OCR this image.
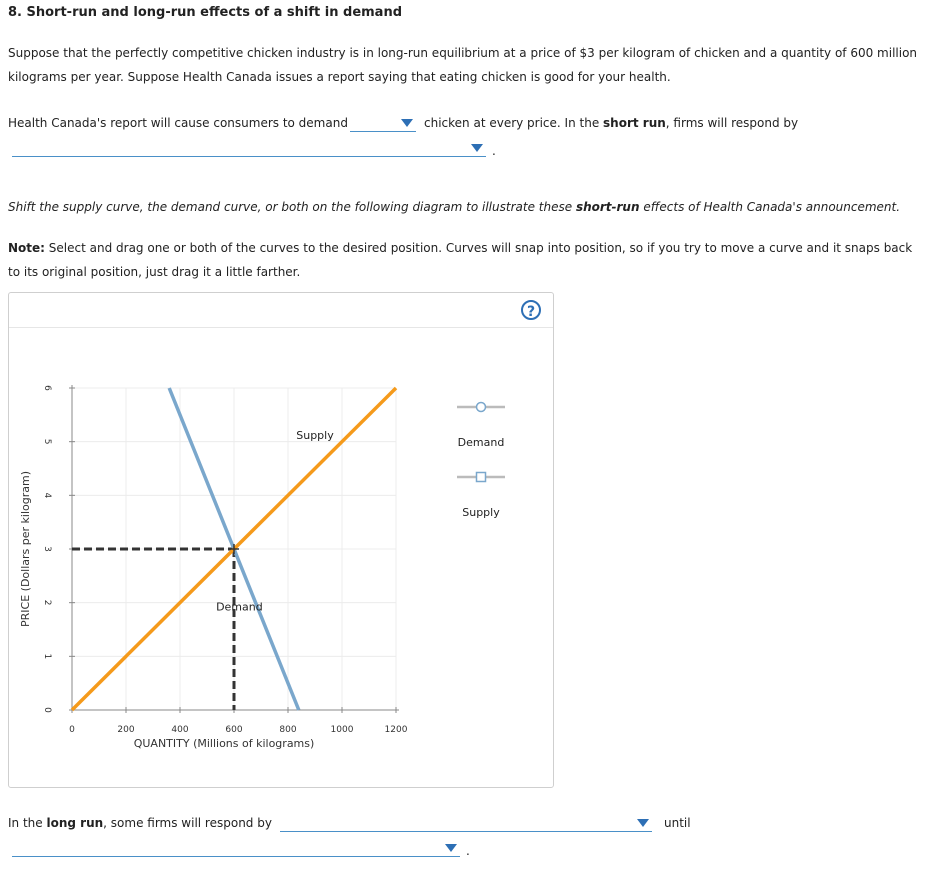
8. Short-run and long-run effects of a shift in demand
Suppose that the perfectly competitive chicken industry is in long-run equilibrium at a price of $3 per kilogram of chicken and a quantity of 600 million
kilograms per year. Suppose Health Canada issues a report saying that eating chicken is good for your health.
Health Canada's report will cause consumers to demand	chicken at every price. In the short run, firms will respond by
.
Shift the supply curve, the demand curve, or both on the following diagram to illustrate these short-run effects of Health Canada's announcement.
Note: Select and drag one or both of the curves to the desired position. Curves will snap into position, so if you try to move a curve and it snaps back
to its original position, just drag it a little farther.
?
0	200	400	600	800	1000	1200
0
1
2
3
4
5
6
QUANTITY (Millions of kilograms)
PRICE (Dollars per kilogram)	Demand
Supply
Demand
Supply
In the long run, some firms will respond by	until
.
